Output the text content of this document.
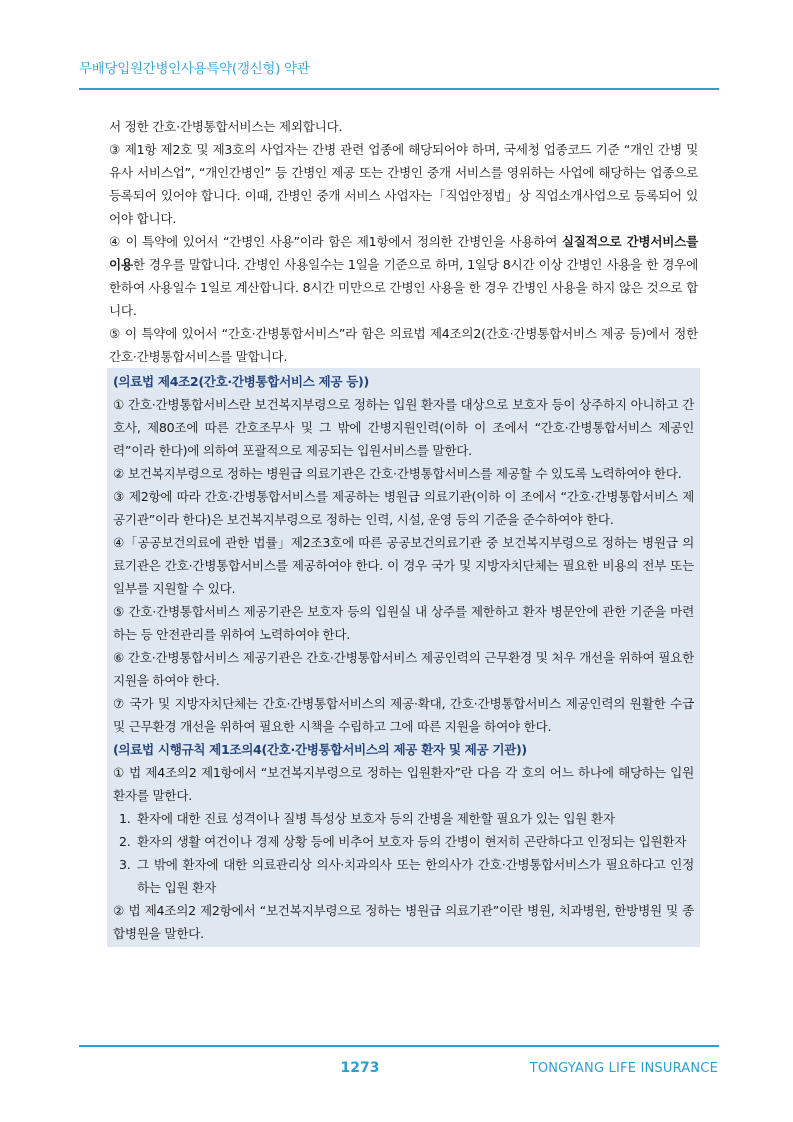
무배당입원간병인사용특약(갱신형) 약관

서 정한 간호·간병통합서비스는 제외합니다.

③ 제1항 제2호 및 제3호의 사업자는 간병 관련 업종에 해당되어야 하며, 국세청 업종코드 기준 “개인 간병 및 유사 서비스업”, “개인간병인” 등 간병인 제공 또는 간병인 중개 서비스를 영위하는 사업에 해당하는 업종으로 등록되어 있어야 합니다. 이때, 간병인 중개 서비스 사업자는「직업안정법」상 직업소개사업으로 등록되어 있어야 합니다.

④ 이 특약에 있어서 “간병인 사용”이라 함은 제1항에서 정의한 간병인을 사용하여 실질적으로 간병서비스를 이용한 경우를 말합니다. 간병인 사용일수는 1일을 기준으로 하며, 1일당 8시간 이상 간병인 사용을 한 경우에 한하여 사용일수 1일로 계산합니다. 8시간 미만으로 간병인 사용을 한 경우 간병인 사용을 하지 않은 것으로 합니다.

⑤ 이 특약에 있어서 “간호·간병통합서비스”라 함은 의료법 제4조의2(간호·간병통합서비스 제공 등)에서 정한 간호·간병통합서비스를 말합니다.

(의료법 제4조2(간호·간병통합서비스 제공 등))

① 간호·간병통합서비스란 보건복지부령으로 정하는 입원 환자를 대상으로 보호자 등이 상주하지 아니하고 간호사, 제80조에 따른 간호조무사 및 그 밖에 간병지원인력(이하 이 조에서 “간호·간병통합서비스 제공인력”이라 한다)에 의하여 포괄적으로 제공되는 입원서비스를 말한다.

② 보건복지부령으로 정하는 병원급 의료기관은 간호·간병통합서비스를 제공할 수 있도록 노력하여야 한다.

③ 제2항에 따라 간호·간병통합서비스를 제공하는 병원급 의료기관(이하 이 조에서 “간호·간병통합서비스 제공기관”이라 한다)은 보건복지부령으로 정하는 인력, 시설, 운영 등의 기준을 준수하여야 한다.

④「공공보건의료에 관한 법률」제2조3호에 따른 공공보건의료기관 중 보건복지부령으로 정하는 병원급 의료기관은 간호·간병통합서비스를 제공하여야 한다. 이 경우 국가 및 지방자치단체는 필요한 비용의 전부 또는 일부를 지원할 수 있다.

⑤ 간호·간병통합서비스 제공기관은 보호자 등의 입원실 내 상주를 제한하고 환자 병문안에 관한 기준을 마련하는 등 안전관리를 위하여 노력하여야 한다.

⑥ 간호·간병통합서비스 제공기관은 간호·간병통합서비스 제공인력의 근무환경 및 처우 개선을 위하여 필요한 지원을 하여야 한다.

⑦ 국가 및 지방자치단체는 간호·간병통합서비스의 제공·확대, 간호·간병통합서비스 제공인력의 원활한 수급 및 근무환경 개선을 위하여 필요한 시책을 수립하고 그에 따른 지원을 하여야 한다.

(의료법 시행규칙 제1조의4(간호·간병통합서비스의 제공 환자 및 제공 기관))

① 법 제4조의2 제1항에서 “보건복지부령으로 정하는 입원환자”란 다음 각 호의 어느 하나에 해당하는 입원 환자를 말한다.

1. 환자에 대한 진료 성격이나 질병 특성상 보호자 등의 간병을 제한할 필요가 있는 입원 환자
2. 환자의 생활 여건이나 경제 상황 등에 비추어 보호자 등의 간병이 현저히 곤란하다고 인정되는 입원환자
3. 그 밖에 환자에 대한 의료관리상 의사·치과의사 또는 한의사가 간호·간병통합서비스가 필요하다고 인정하는 입원 환자

② 법 제4조의2 제2항에서 “보건복지부령으로 정하는 병원급 의료기관”이란 병원, 치과병원, 한방병원 및 종합병원을 말한다.

1273	TONGYANG LIFE INSURANCE
